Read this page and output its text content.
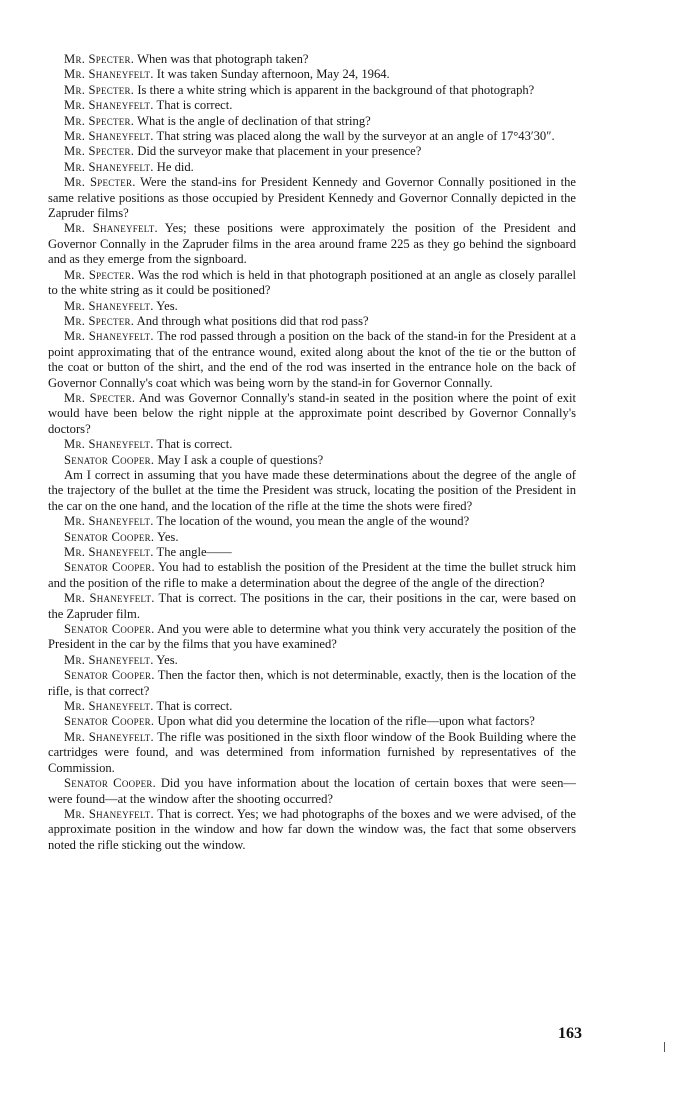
Mr. Specter. When was that photograph taken?

Mr. Shaneyfelt. It was taken Sunday afternoon, May 24, 1964.

Mr. Specter. Is there a white string which is apparent in the background of that photograph?

Mr. Shaneyfelt. That is correct.

Mr. Specter. What is the angle of declination of that string?

Mr. Shaneyfelt. That string was placed along the wall by the surveyor at an angle of 17°43′30″.

Mr. Specter. Did the surveyor make that placement in your presence?

Mr. Shaneyfelt. He did.

Mr. Specter. Were the stand-ins for President Kennedy and Governor Connally positioned in the same relative positions as those occupied by President Kennedy and Governor Connally depicted in the Zapruder films?

Mr. Shaneyfelt. Yes; these positions were approximately the position of the President and Governor Connally in the Zapruder films in the area around frame 225 as they go behind the signboard and as they emerge from the signboard.

Mr. Specter. Was the rod which is held in that photograph positioned at an angle as closely parallel to the white string as it could be positioned?

Mr. Shaneyfelt. Yes.

Mr. Specter. And through what positions did that rod pass?

Mr. Shaneyfelt. The rod passed through a position on the back of the stand-in for the President at a point approximating that of the entrance wound, exited along about the knot of the tie or the button of the coat or button of the shirt, and the end of the rod was inserted in the entrance hole on the back of Governor Connally's coat which was being worn by the stand-in for Governor Connally.

Mr. Specter. And was Governor Connally's stand-in seated in the position where the point of exit would have been below the right nipple at the approximate point described by Governor Connally's doctors?

Mr. Shaneyfelt. That is correct.

Senator Cooper. May I ask a couple of questions?

Am I correct in assuming that you have made these determinations about the degree of the angle of the trajectory of the bullet at the time the President was struck, locating the position of the President in the car on the one hand, and the location of the rifle at the time the shots were fired?

Mr. Shaneyfelt. The location of the wound, you mean the angle of the wound?

Senator Cooper. Yes.

Mr. Shaneyfelt. The angle——

Senator Cooper. You had to establish the position of the President at the time the bullet struck him and the position of the rifle to make a determination about the degree of the angle of the direction?

Mr. Shaneyfelt. That is correct. The positions in the car, their positions in the car, were based on the Zapruder film.

Senator Cooper. And you were able to determine what you think very accurately the position of the President in the car by the films that you have examined?

Mr. Shaneyfelt. Yes.

Senator Cooper. Then the factor then, which is not determinable, exactly, then is the location of the rifle, is that correct?

Mr. Shaneyfelt. That is correct.

Senator Cooper. Upon what did you determine the location of the rifle—upon what factors?

Mr. Shaneyfelt. The rifle was positioned in the sixth floor window of the Book Building where the cartridges were found, and was determined from information furnished by representatives of the Commission.

Senator Cooper. Did you have information about the location of certain boxes that were seen—were found—at the window after the shooting occurred?

Mr. Shaneyfelt. That is correct. Yes; we had photographs of the boxes and we were advised, of the approximate position in the window and how far down the window was, the fact that some observers noted the rifle sticking out the window.

163
